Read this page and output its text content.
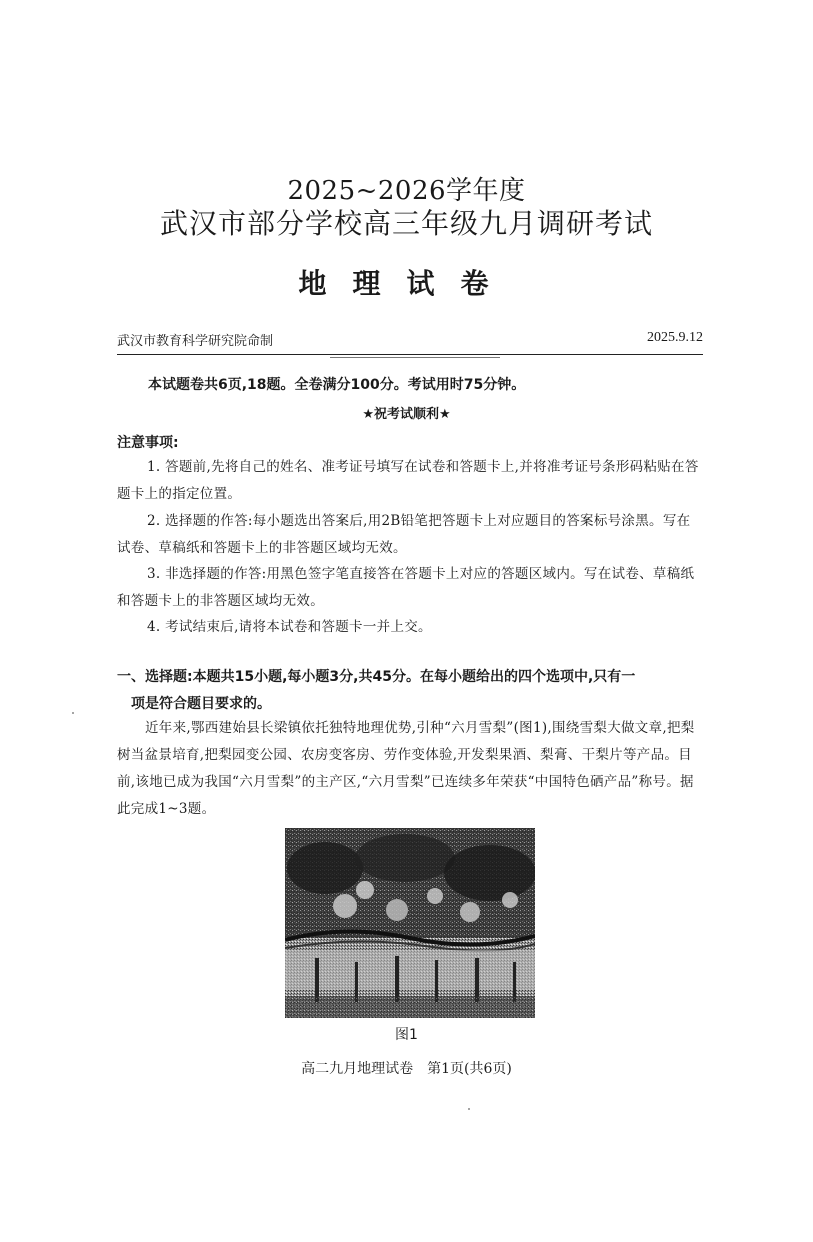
2025~2026学年度
武汉市部分学校高三年级九月调研考试
地理试卷
武汉市教育科学研究院命制	2025.9.12
本试题卷共6页,18题。全卷满分100分。考试用时75分钟。
★祝考试顺利★
注意事项:
1. 答题前,先将自己的姓名、准考证号填写在试卷和答题卡上,并将准考证号条形码粘贴在答题卡上的指定位置。
2. 选择题的作答:每小题选出答案后,用2B铅笔把答题卡上对应题目的答案标号涂黑。写在试卷、草稿纸和答题卡上的非答题区域均无效。
3. 非选择题的作答:用黑色签字笔直接答在答题卡上对应的答题区域内。写在试卷、草稿纸和答题卡上的非答题区域均无效。
4. 考试结束后,请将本试卷和答题卡一并上交。
一、选择题:本题共15小题,每小题3分,共45分。在每小题给出的四个选项中,只有一
项是符合题目要求的。
近年来,鄂西建始县长梁镇依托独特地理优势,引种“六月雪梨”(图1),围绕雪梨大做文章,把梨树当盆景培育,把梨园变公园、农房变客房、劳作变体验,开发梨果酒、梨膏、干梨片等产品。目前,该地已成为我国“六月雪梨”的主产区,“六月雪梨”已连续多年荣获“中国特色硒产品”称号。据此完成1~3题。
图1
高二九月地理试卷　第1页(共6页)
